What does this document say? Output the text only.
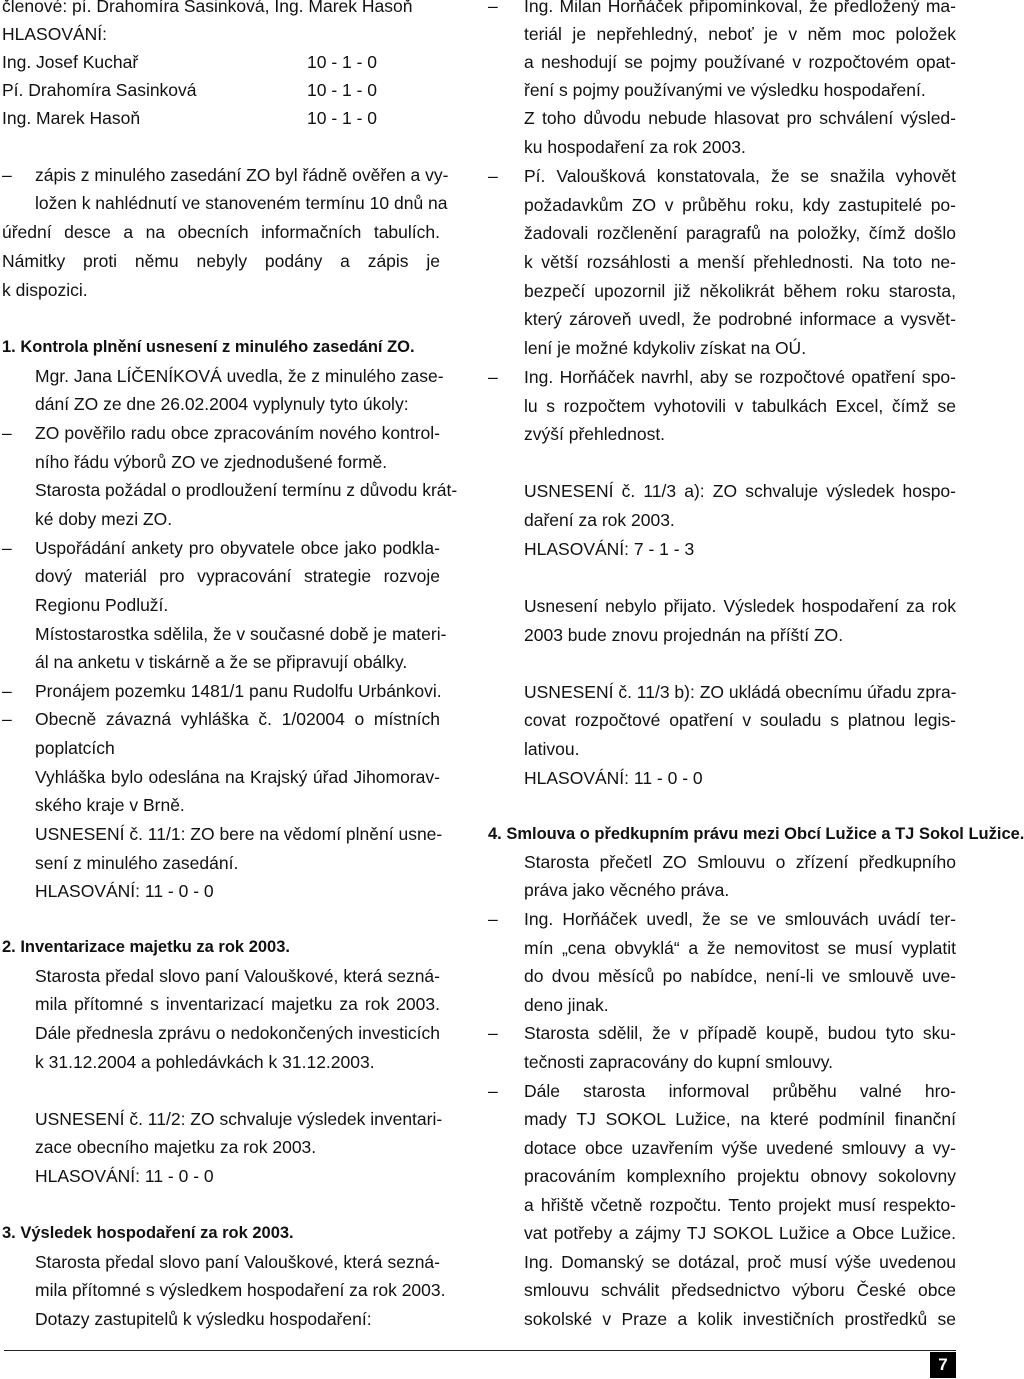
členové: pí. Drahomíra Sasinková, Ing. Marek Hasoň
HLASOVÁNÍ:
Ing. Josef Kuchař	10 - 1 - 0
Pí. Drahomíra Sasinková	10 - 1 - 0
Ing. Marek Hasoň	10 - 1 - 0
– zápis z minulého zasedání ZO byl řádně ověřen a vy-
ložen k nahlédnutí ve stanoveném termínu 10 dnů na
úřední desce a na obecních informačních tabulích.
Námitky proti němu nebyly podány a zápis je
k dispozici.
1. Kontrola plnění usnesení z minulého zasedání ZO.
Mgr. Jana LÍČENÍKOVÁ uvedla, že z minulého zase-
dání ZO ze dne 26.02.2004 vyplynuly tyto úkoly:
– ZO pověřilo radu obce zpracováním nového kontrol-
ního řádu výborů ZO ve zjednodušené formě.
Starosta požádal o prodloužení termínu z důvodu krát-
ké doby mezi ZO.
– Uspořádání ankety pro obyvatele obce jako podkla-
dový materiál pro vypracování strategie rozvoje
Regionu Podluží.
Místostarostka sdělila, že v současné době je materi-
ál na anketu v tiskárně a že se připravují obálky.
– Pronájem pozemku 1481/1 panu Rudolfu Urbánkovi.
– Obecně závazná vyhláška č. 1/02004 o místních
poplatcích
Vyhláška bylo odeslána na Krajský úřad Jihomorav-
ského kraje v Brně.
USNESENÍ č. 11/1: ZO bere na vědomí plnění usne-
sení z minulého zasedání.
HLASOVÁNÍ: 11 - 0 - 0
2. Inventarizace majetku za rok 2003.
Starosta předal slovo paní Valouškové, která sezná-
mila přítomné s inventarizací majetku za rok 2003.
Dále přednesla zprávu o nedokončených investicích
k 31.12.2004 a pohledávkách k 31.12.2003.
USNESENÍ č. 11/2: ZO schvaluje výsledek inventari-
zace obecního majetku za rok 2003.
HLASOVÁNÍ: 11 - 0 - 0
3. Výsledek hospodaření za rok 2003.
Starosta předal slovo paní Valouškové, která sezná-
mila přítomné s výsledkem hospodaření za rok 2003.
Dotazy zastupitelů k výsledku hospodaření:
– Ing. Milan Horňáček připomínkoval, že předložený ma-
teriál je nepřehledný, neboť je v něm moc položek
a neshodují se pojmy používané v rozpočtovém opat-
ření s pojmy používanými ve výsledku hospodaření.
Z toho důvodu nebude hlasovat pro schválení výsled-
ku hospodaření za rok 2003.
– Pí. Valoušková konstatovala, že se snažila vyhovět
požadavkům ZO v průběhu roku, kdy zastupitelé po-
žadovali rozčlenění paragrafů na položky, čímž došlo
k větší rozsáhlosti a menší přehlednosti. Na toto ne-
bezpečí upozornil již několikrát během roku starosta,
který zároveň uvedl, že podrobné informace a vysvět-
lení je možné kdykoliv získat na OÚ.
– Ing. Horňáček navrhl, aby se rozpočtové opatření spo-
lu s rozpočtem vyhotovili v tabulkách Excel, čímž se
zvýší přehlednost.
USNESENÍ č. 11/3 a): ZO schvaluje výsledek hospo-
daření za rok 2003.
HLASOVÁNÍ: 7 - 1 - 3
Usnesení nebylo přijato. Výsledek hospodaření za rok
2003 bude znovu projednán na příští ZO.
USNESENÍ č. 11/3 b): ZO ukládá obecnímu úřadu zpra-
covat rozpočtové opatření v souladu s platnou legis-
lativou.
HLASOVÁNÍ: 11 - 0 - 0
4. Smlouva o předkupním právu mezi Obcí Lužice a TJ Sokol Lužice.
Starosta přečetl ZO Smlouvu o zřízení předkupního
práva jako věcného práva.
– Ing. Horňáček uvedl, že se ve smlouvách uvádí ter-
mín „cena obvyklá“ a že nemovitost se musí vyplatit
do dvou měsíců po nabídce, není-li ve smlouvě uve-
deno jinak.
– Starosta sdělil, že v případě koupě, budou tyto sku-
tečnosti zapracovány do kupní smlouvy.
– Dále starosta informoval průběhu valné hro-
mady TJ SOKOL Lužice, na které podmínil finanční
dotace obce uzavřením výše uvedené smlouvy a vy-
pracováním komplexního projektu obnovy sokolovny
a hřiště včetně rozpočtu. Tento projekt musí respekto-
vat potřeby a zájmy TJ SOKOL Lužice a Obce Lužice.
Ing. Domanský se dotázal, proč musí výše uvedenou
smlouvu schválit předsednictvo výboru České obce
sokolské v Praze a kolik investičních prostředků se
7
